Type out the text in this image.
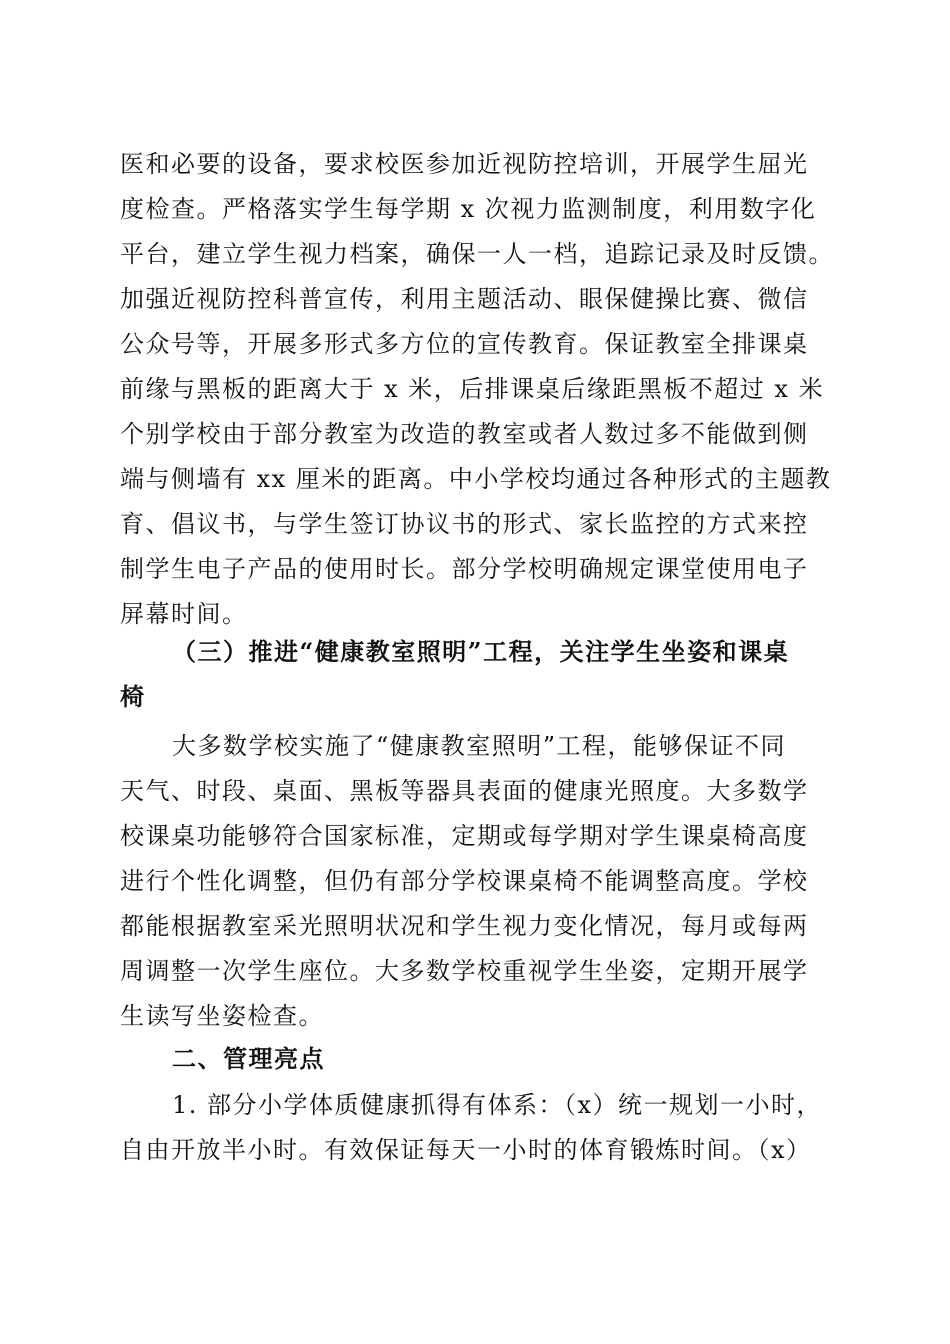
医和必要的设备，要求校医参加近视防控培训，开展学生屈光
度检查。严格落实学生每学期 x 次视力监测制度，利用数字化
平台，建立学生视力档案，确保一人一档，追踪记录及时反馈。
加强近视防控科普宣传，利用主题活动、眼保健操比赛、微信
公众号等，开展多形式多方位的宣传教育。保证教室全排课桌
前缘与黑板的距离大于 x 米，后排课桌后缘距黑板不超过 x 米
个别学校由于部分教室为改造的教室或者人数过多不能做到侧
端与侧墙有 xx 厘米的距离。中小学校均通过各种形式的主题教
育、倡议书，与学生签订协议书的形式、家长监控的方式来控
制学生电子产品的使用时长。部分学校明确规定课堂使用电子
屏幕时间。
（三）推进“健康教室照明”工程，关注学生坐姿和课桌
椅
大多数学校实施了“健康教室照明”工程，能够保证不同
天气、时段、桌面、黑板等器具表面的健康光照度。大多数学
校课桌功能够符合国家标准，定期或每学期对学生课桌椅高度
进行个性化调整，但仍有部分学校课桌椅不能调整高度。学校
都能根据教室采光照明状况和学生视力变化情况，每月或每两
周调整一次学生座位。大多数学校重视学生坐姿，定期开展学
生读写坐姿检查。
二、管理亮点
1. 部分小学体质健康抓得有体系：（x）统一规划一小时，
自由开放半小时。有效保证每天一小时的体育锻炼时间。（x）
